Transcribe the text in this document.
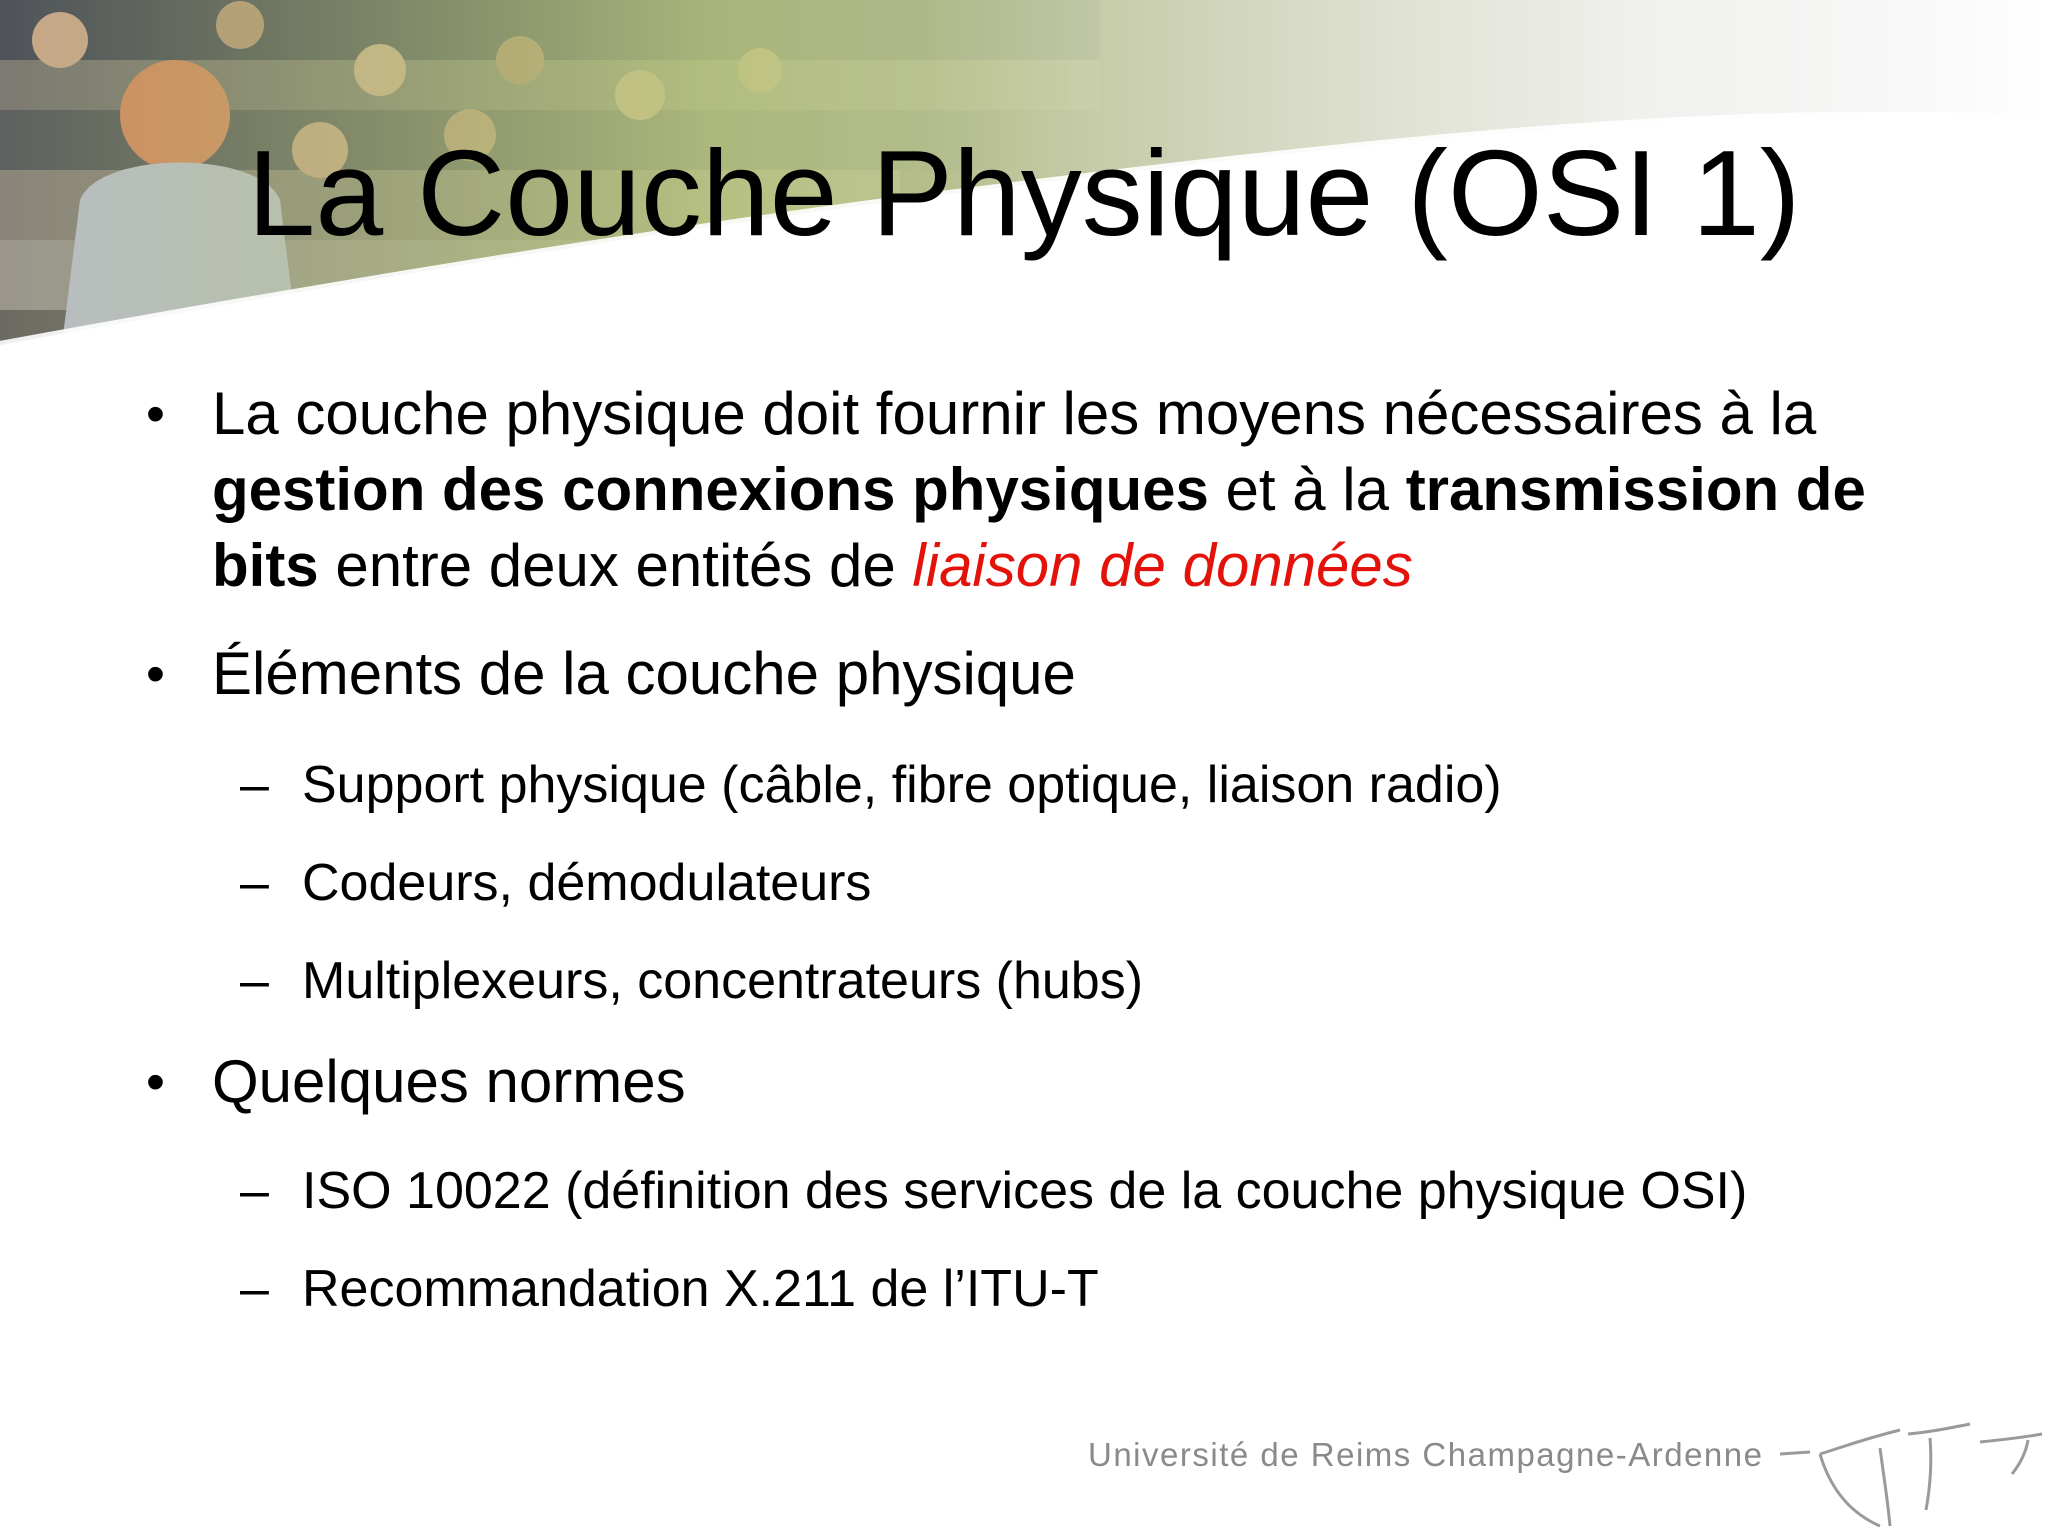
La Couche Physique (OSI 1)
• La couche physique doit fournir les moyens nécessaires à la
gestion des connexions physiques et à la transmission de
bits entre deux entités de liaison de données
• Éléments de la couche physique
– Support physique (câble, fibre optique, liaison radio)
– Codeurs, démodulateurs
– Multiplexeurs, concentrateurs (hubs)
• Quelques normes
– ISO 10022 (définition des services de la couche physique OSI)
– Recommandation X.211 de l’ITU-T
Université de Reims Champagne-Ardenne
